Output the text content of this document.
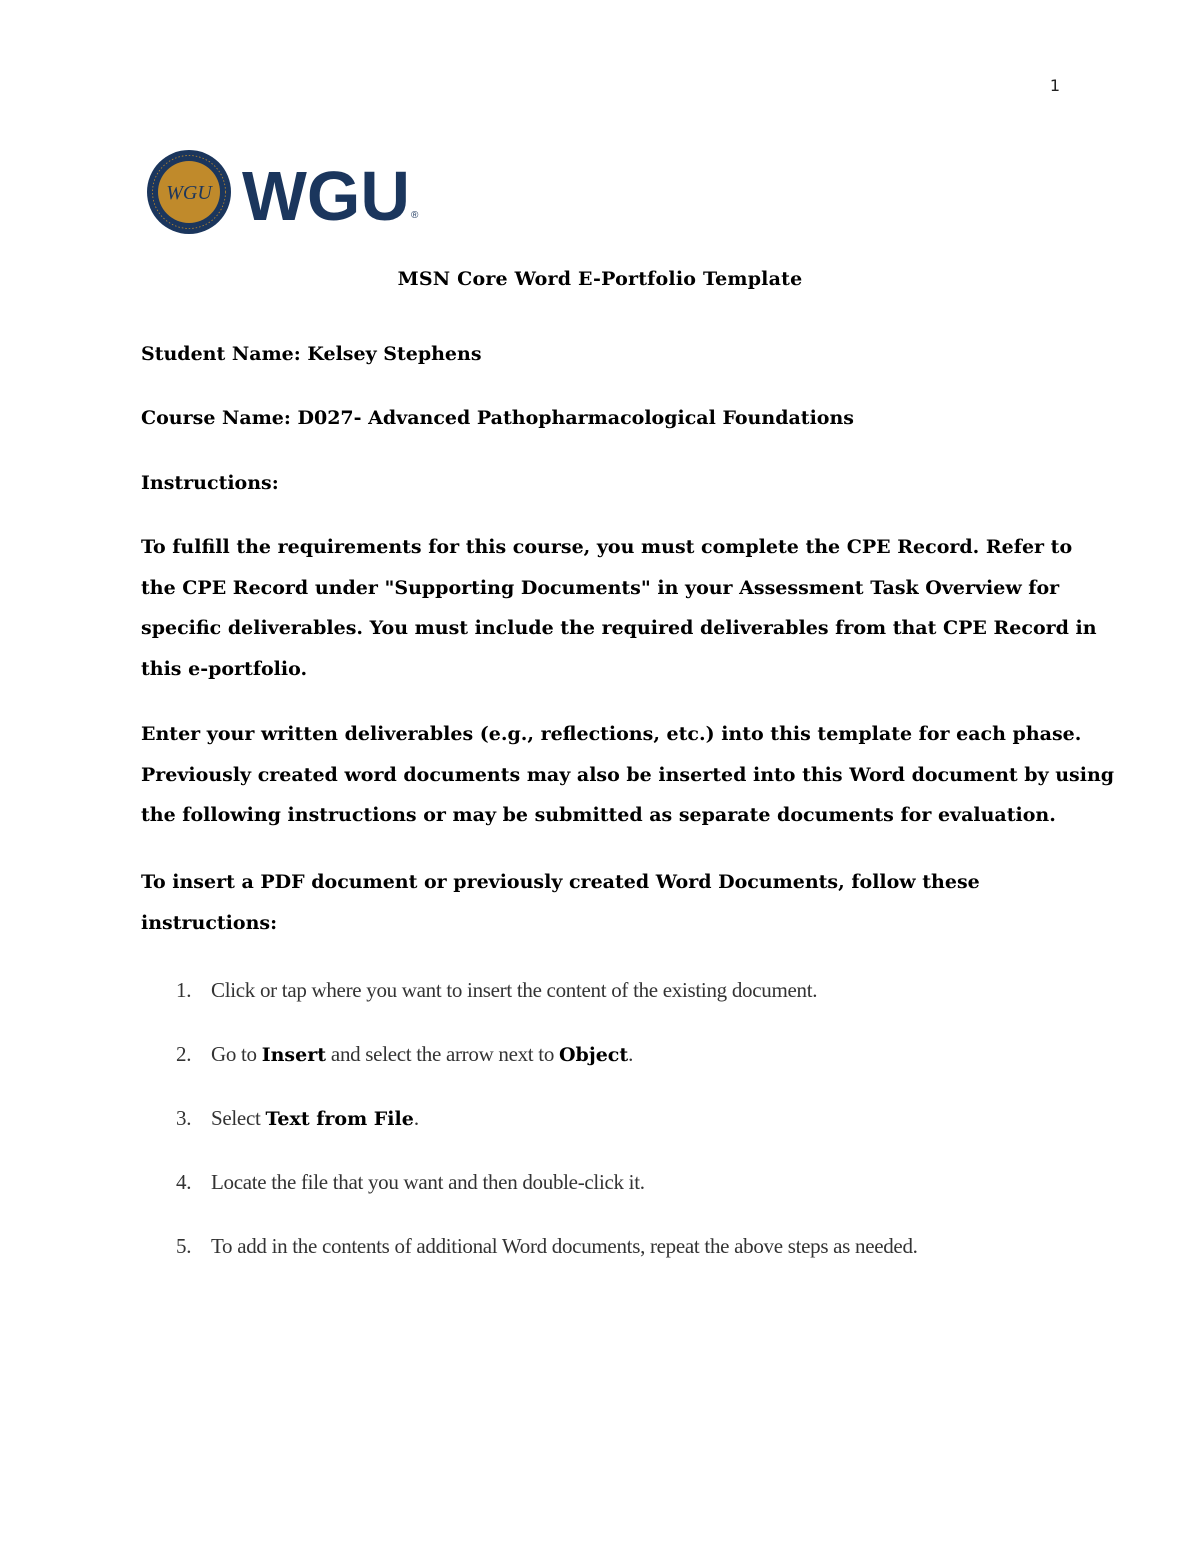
1
WGU WGU ®
MSN Core Word E-Portfolio Template
Student Name: Kelsey Stephens
Course Name: D027- Advanced Pathopharmacological Foundations
Instructions:
To fulfill the requirements for this course, you must complete the CPE Record. Refer to
the CPE Record under "Supporting Documents" in your Assessment Task Overview for
specific deliverables. You must include the required deliverables from that CPE Record in
this e-portfolio.
Enter your written deliverables (e.g., reflections, etc.) into this template for each phase.
Previously created word documents may also be inserted into this Word document by using
the following instructions or may be submitted as separate documents for evaluation.
To insert a PDF document or previously created Word Documents, follow these
instructions:
1. Click or tap where you want to insert the content of the existing document.
2. Go to Insert and select the arrow next to Object.
3. Select Text from File.
4. Locate the file that you want and then double-click it.
5. To add in the contents of additional Word documents, repeat the above steps as needed.
